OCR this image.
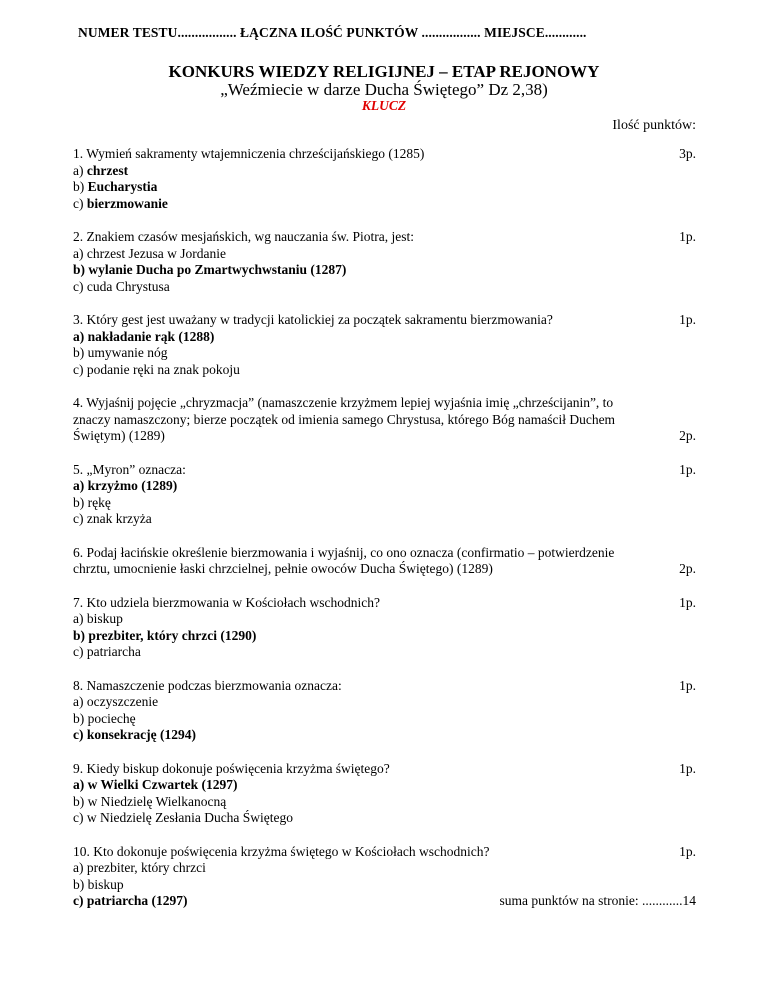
NUMER TESTU................. ŁĄCZNA ILOŚĆ PUNKTÓW ................. MIEJSCE............
KONKURS WIEDZY RELIGIJNEJ – ETAP REJONOWY
„Weźmiecie w darze Ducha Świętego” Dz 2,38)
KLUCZ
Ilość punktów:
1. Wymień sakramenty wtajemniczenia chrześcijańskiego (1285)	3p.
a) chrzest
b) Eucharystia
c) bierzmowanie
2. Znakiem czasów mesjańskich, wg nauczania św. Piotra, jest:	1p.
a) chrzest Jezusa w Jordanie
b) wylanie Ducha po Zmartwychwstaniu (1287)
c) cuda Chrystusa
3. Który gest jest uważany w tradycji katolickiej za początek sakramentu bierzmowania?	1p.
a) nakładanie rąk (1288)
b) umywanie nóg
c) podanie ręki na znak pokoju
4. Wyjaśnij pojęcie „chryzmacja” (namaszczenie krzyżmem lepiej wyjaśnia imię „chrześcijanin”, to znaczy namaszczony; bierze początek od imienia samego Chrystusa, którego Bóg namaścił Duchem Świętym) (1289)	2p.
5. „Myron” oznacza:	1p.
a) krzyżmo (1289)
b) rękę
c) znak krzyża
6. Podaj łacińskie określenie bierzmowania i wyjaśnij, co ono oznacza (confirmatio – potwierdzenie chrztu, umocnienie łaski chrzcielnej, pełnie owoców Ducha Świętego) (1289)	2p.
7. Kto udziela bierzmowania w Kościołach wschodnich?	1p.
a) biskup
b) prezbiter, który chrzci (1290)
c) patriarcha
8. Namaszczenie podczas bierzmowania oznacza:	1p.
a) oczyszczenie
b) pociechę
c) konsekrację (1294)
9. Kiedy biskup dokonuje poświęcenia krzyżma świętego?	1p.
a) w Wielki Czwartek (1297)
b) w Niedzielę Wielkanocną
c) w Niedzielę Zesłania Ducha Świętego
10. Kto dokonuje poświęcenia krzyżma świętego w Kościołach wschodnich?	1p.
a) prezbiter, który chrzci
b) biskup
c) patriarcha (1297)	suma punktów na stronie: ............14
